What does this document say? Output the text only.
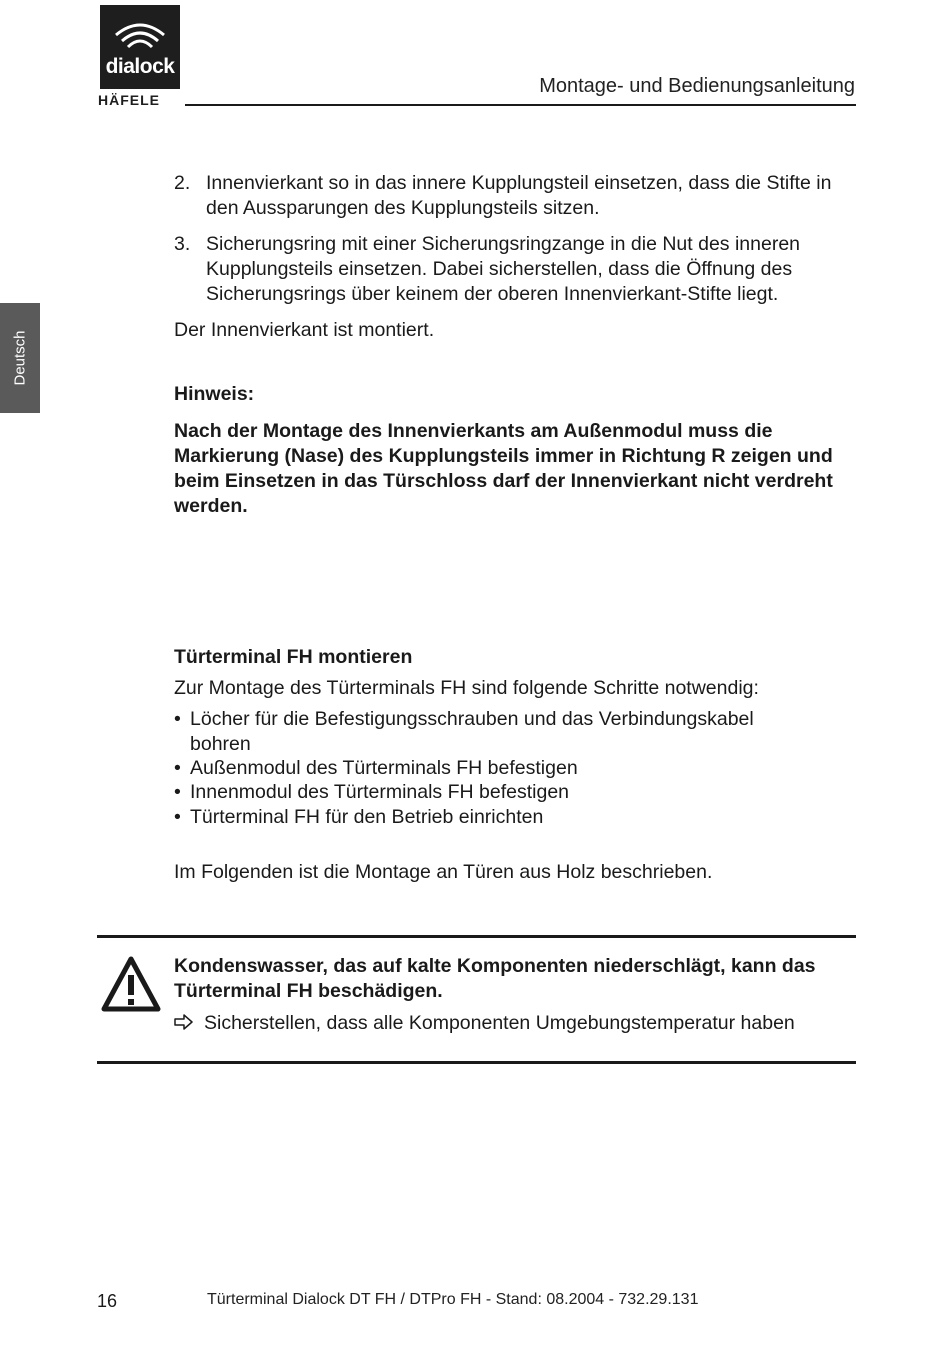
dialock
HÄFELE
Montage- und Bedienungsanleitung
Deutsch
2. Innenvierkant so in das innere Kupplungsteil einsetzen, dass die Stifte in den Aussparungen des Kupplungsteils sitzen.
3. Sicherungsring mit einer Sicherungsringzange in die Nut des inneren Kupplungsteils einsetzen. Dabei sicherstellen, dass die Öffnung des Sicherungsrings über keinem der oberen Innenvierkant-Stifte liegt.
Der Innenvierkant ist montiert.
Hinweis:
Nach der Montage des Innenvierkants am Außenmodul muss die Markierung (Nase) des Kupplungsteils immer in Richtung R zeigen und beim Einsetzen in das Türschloss darf der Innenvierkant nicht verdreht werden.
Türterminal FH montieren
Zur Montage des Türterminals FH sind folgende Schritte notwendig:
• Löcher für die Befestigungsschrauben und das Verbindungskabel bohren
• Außenmodul des Türterminals FH befestigen
• Innenmodul des Türterminals FH befestigen
• Türterminal FH für den Betrieb einrichten
Im Folgenden ist die Montage an Türen aus Holz beschrieben.
Kondenswasser, das auf kalte Komponenten niederschlägt, kann das Türterminal FH beschädigen.
Sicherstellen, dass alle Komponenten Umgebungstemperatur haben
16	Türterminal Dialock DT FH / DTPro FH - Stand: 08.2004 - 732.29.131
